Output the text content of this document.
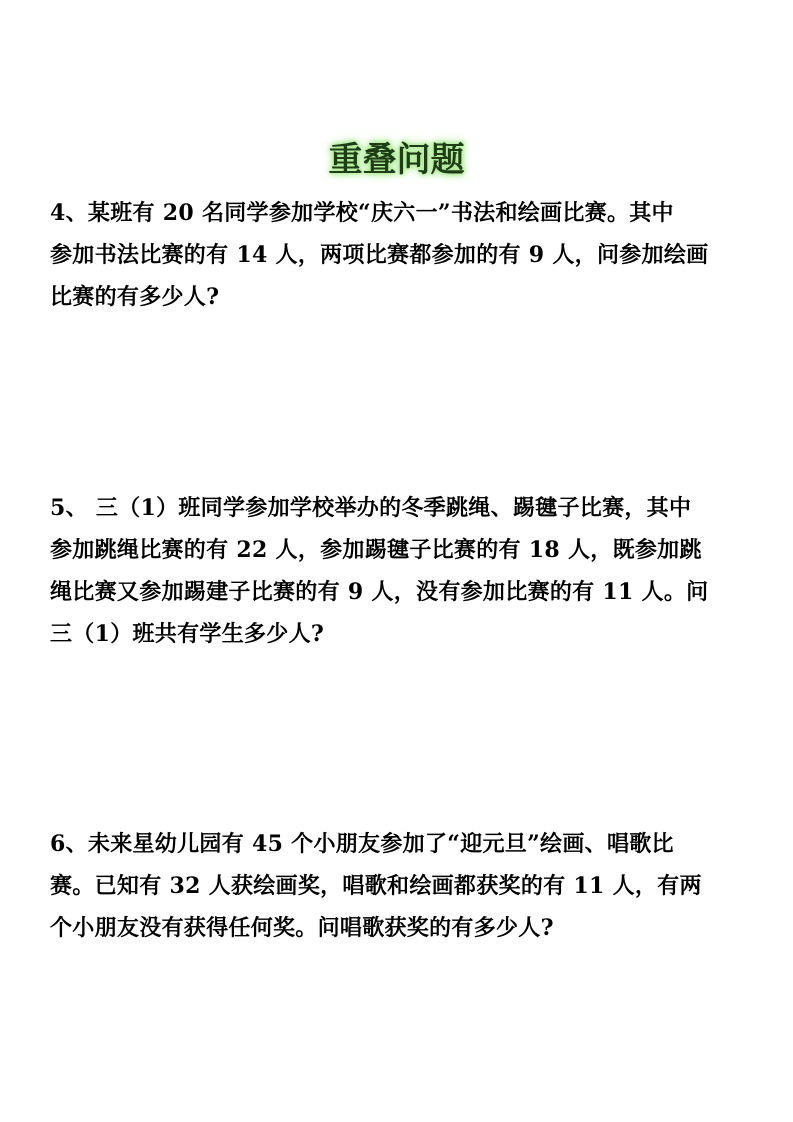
重叠问题

4、某班有 20 名同学参加学校“庆六一”书法和绘画比赛。其中

参加书法比赛的有 14 人，两项比赛都参加的有 9 人，问参加绘画

比赛的有多少人?

5、 三（1）班同学参加学校举办的冬季跳绳、踢毽子比赛，其中

参加跳绳比赛的有 22 人，参加踢毽子比赛的有 18 人，既参加跳

绳比赛又参加踢建子比赛的有 9 人，没有参加比赛的有 11 人。问

三（1）班共有学生多少人?

6、未来星幼儿园有 45 个小朋友参加了“迎元旦”绘画、唱歌比

赛。已知有 32 人获绘画奖，唱歌和绘画都获奖的有 11 人，有两

个小朋友没有获得任何奖。问唱歌获奖的有多少人?
